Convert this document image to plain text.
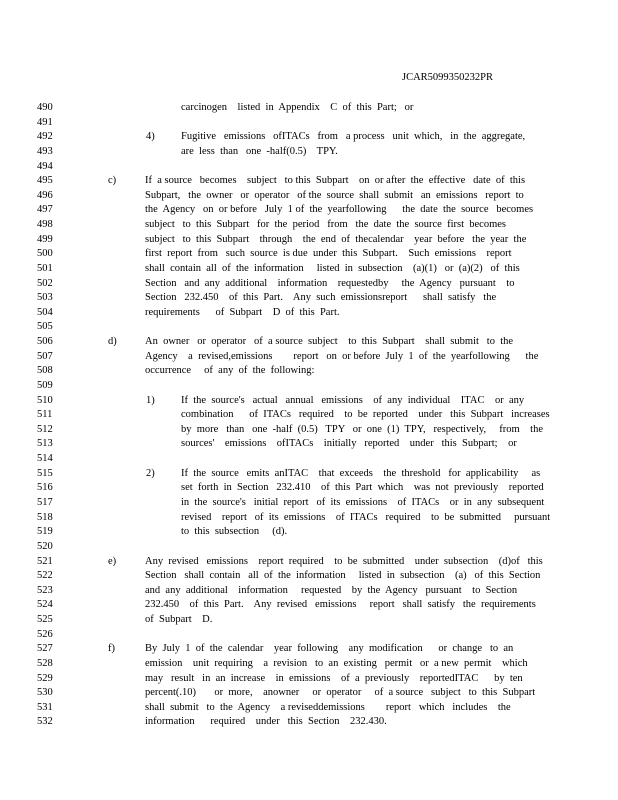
JCAR5099350232PR
490	carcinogen    listed  in  Appendix    C  of  this  Part;   or
491
492	4)	Fugitive   emissions   ofITACs   from   a process   unit  which,   in  the  aggregate,
493	are  less  than   one  -half(0.5)    TPY.
494
495	c)	If  a source   becomes    subject   to this  Subpart    on  or after  the  effective   date  of  this
496	Subpart,   the  owner   or  operator   of the  source  shall  submit   an  emissions   report  to
497	the  Agency   on  or before   July  1 of  the  yearfollowing      the  date  the  source   becomes
498	subject   to  this  Subpart   for  the  period   from   the  date  the  source  first  becomes
499	subject   to  this  Subpart    through    the  end  of  thecalendar    year  before   the  year  the
500	first  report  from   such  source  is due  under  this  Subpart.    Such  emissions    report
501	shall  contain  all  of  the  information     listed  in  subsection    (a)(1)   or  (a)(2)   of  this
502	Section   and  any  additional    information    requestedby     the  Agency   pursuant    to
503	Section   232.450    of  this  Part.    Any  such  emissionsreport      shall  satisfy   the
504	requirements      of  Subpart    D  of  this  Part.
505
506	d)	An  owner   or  operator   of  a source  subject    to  this  Subpart    shall  submit   to  the
507	Agency    a  revised,emissions        report   on  or before  July  1  of  the  yearfollowing      the
508	occurrence     of  any  of  the  following:
509
510	1)	If  the  source's   actual   annual   emissions    of  any  individual    ITAC    or  any
511	combination      of  ITACs   required    to  be  reported    under   this  Subpart   increases
512	by  more   than   one  -half  (0.5)   TPY   or  one  (1)  TPY,   respectively,     from    the
513	sources'    emissions    ofITACs    initially   reported    under   this  Subpart;    or
514
515	2)	If  the  source   emits  anITAC    that  exceeds    the  threshold   for  applicability     as
516	set  forth  in  Section   232.410    of  this  Part  which    was  not  previously    reported
517	in  the  source's   initial  report   of  its  emissions    of  ITACs    or  in  any  subsequent
518	revised    report   of  its  emissions    of  ITACs   required    to  be  submitted     pursuant
519	to  this  subsection     (d).
520
521	e)	Any  revised   emissions    report  required    to  be  submitted    under  subsection    (d)of   this
522	Section   shall  contain   all  of  the  information     listed  in  subsection    (a)   of  this  Section
523	and  any  additional    information     requested    by  the  Agency   pursuant    to  Section
524	232.450    of  this  Part.    Any  revised   emissions     report   shall  satisfy   the  requirements
525	of  Subpart    D.
526
527	f)	By  July  1  of  the  calendar    year  following    any  modification      or  change   to  an
528	emission    unit  requiring    a  revision   to  an  existing   permit   or  a new  permit    which
529	may   result   in  an  increase    in  emissions    of  a  previously    reportedITAC      by  ten
530	percent(.10)       or  more,    anowner     or  operator     of  a source   subject   to  this  Subpart
531	shall  submit   to  the  Agency    a reviseddemissions        report   which   includes    the
532	information      required    under   this  Section    232.430.
